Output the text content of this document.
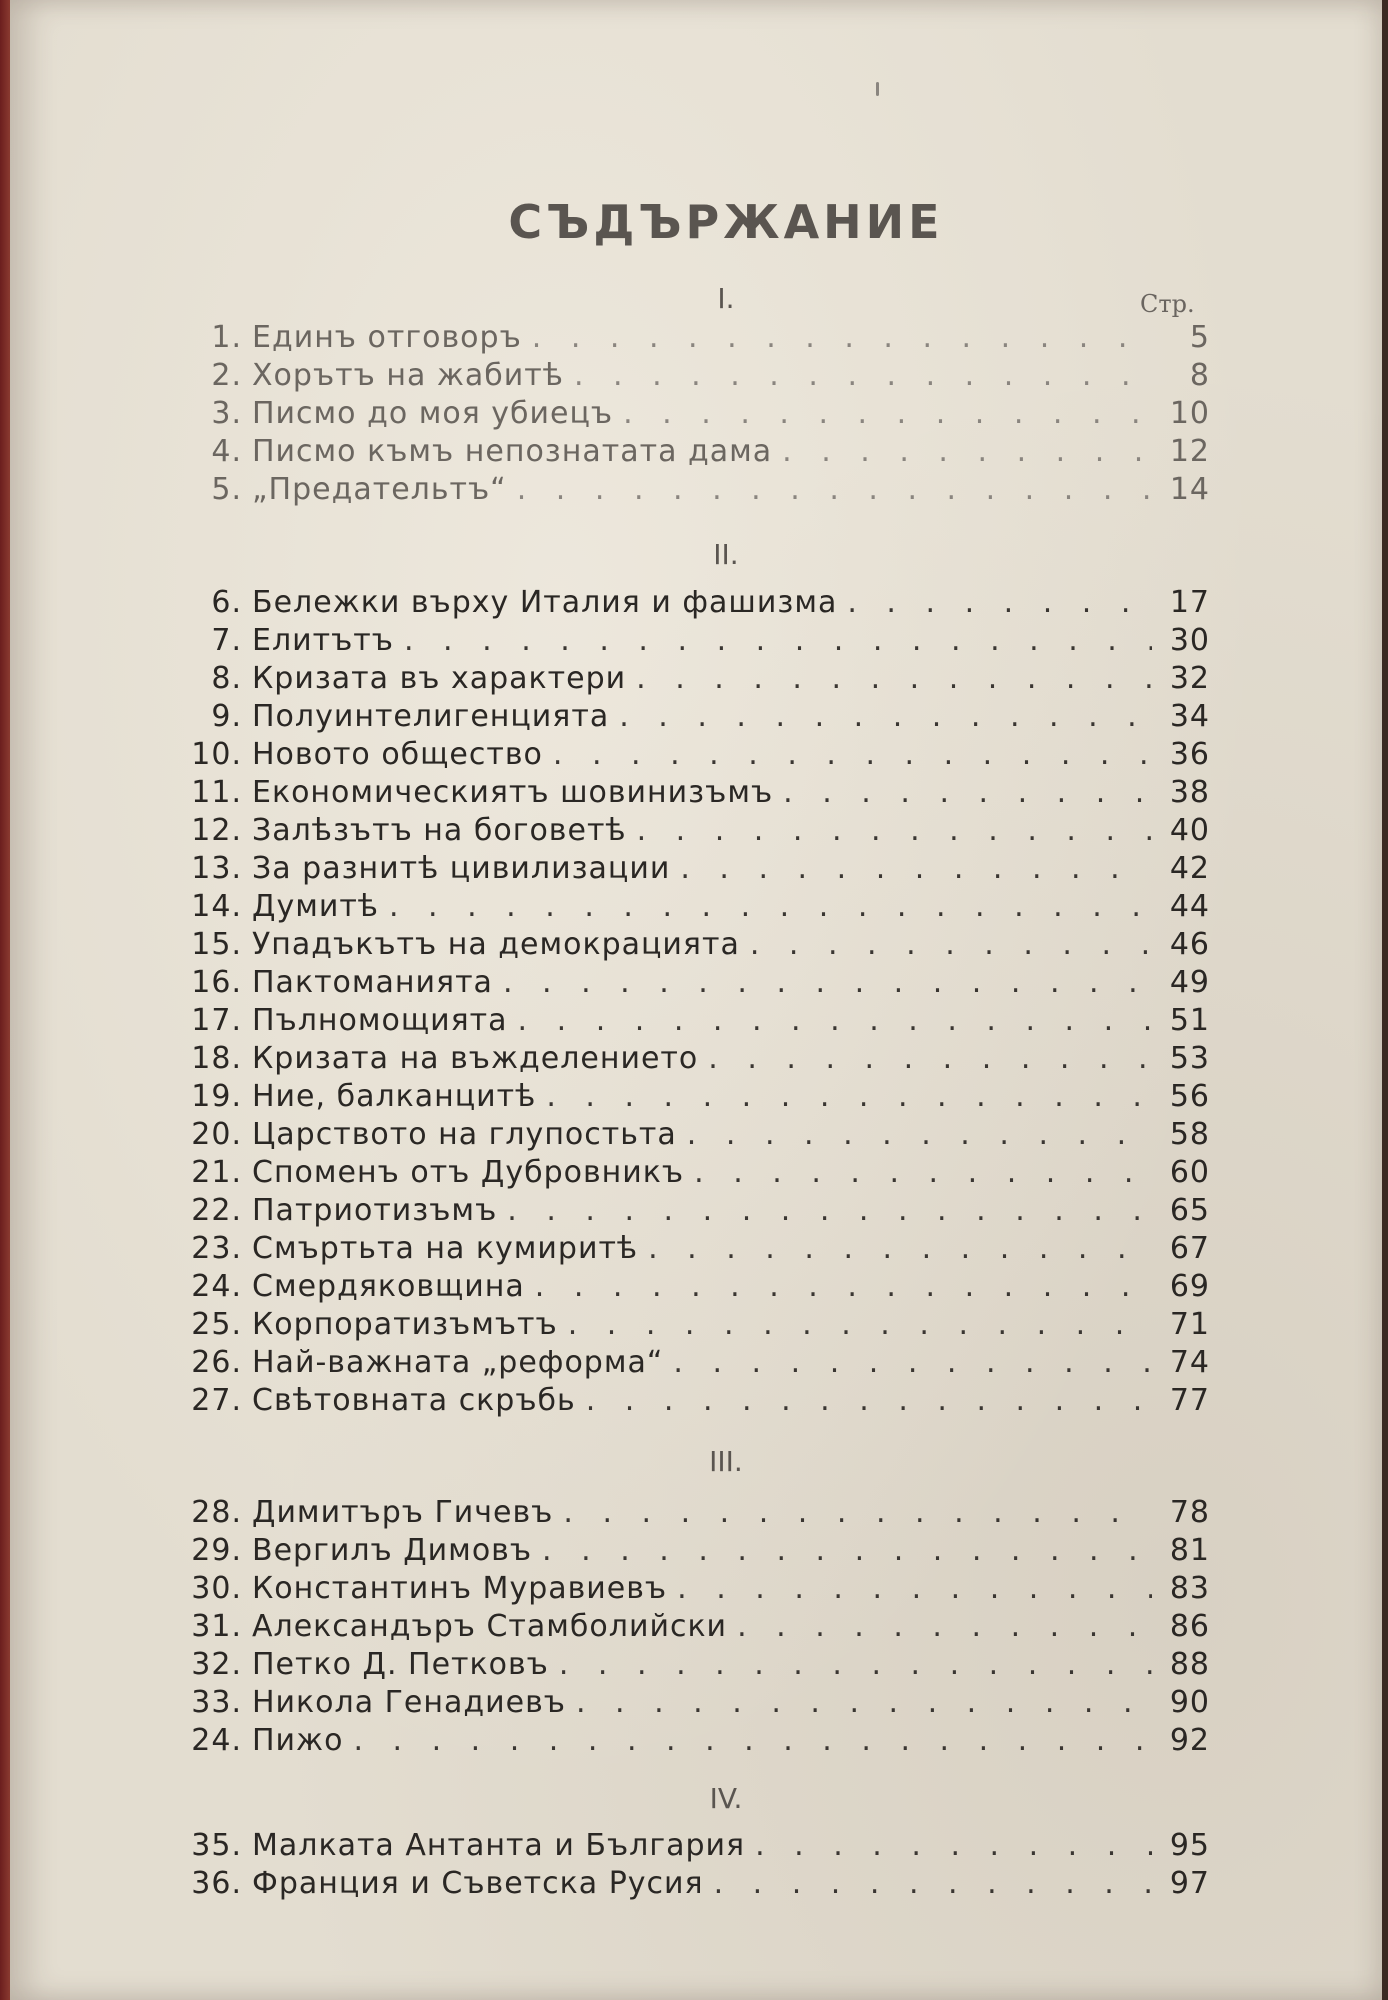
СЪДЪРЖАНИЕ
Стр.
I.
1. Единъ отговоръ . . .	5
2. Хорътъ на жабитѣ . . .	8
3. Писмо до моя убиецъ . . .	10
4. Писмо къмъ непознатата дама . . .	12
5. „Предательтъ“ . . .	14
II.
6. Бележки върху Италия и фашизма . . .	17
7. Елитътъ . . .	30
8. Кризата въ характери . . .	32
9. Полуинтелигенцията . . .	34
10. Новото общество . . .	36
11. Економическиятъ шовинизъмъ . . .	38
12. Залѣзътъ на боговетѣ . . .	40
13. За разнитѣ цивилизации . . .	42
14. Думитѣ . . .	44
15. Упадъкътъ на демокрацията . . .	46
16. Пактоманията . . .	49
17. Пълномощията . . .	51
18. Кризата на въжделението . . .	53
19. Ние, балканцитѣ . . .	56
20. Царството на глупостьта . . .	58
21. Споменъ отъ Дубровникъ . . .	60
22. Патриотизъмъ . . .	65
23. Смъртьта на кумиритѣ . . .	67
24. Смердяковщина . . .	69
25. Корпоратизъмътъ . . .	71
26. Най-важната „реформа“ . . .	74
27. Свѣтовната скръбь . . .	77
III.
28. Димитъръ Гичевъ . . .	78
29. Вергилъ Димовъ . . .	81
30. Константинъ Муравиевъ . . .	83
31. Александъръ Стамболийски . . .	86
32. Петко Д. Петковъ . . .	88
33. Никола Генадиевъ . . .	90
24. Пижо . . .	92
IV.
35. Малката Антанта и България . . .	95
36. Франция и Съветска Русия . . .	97
